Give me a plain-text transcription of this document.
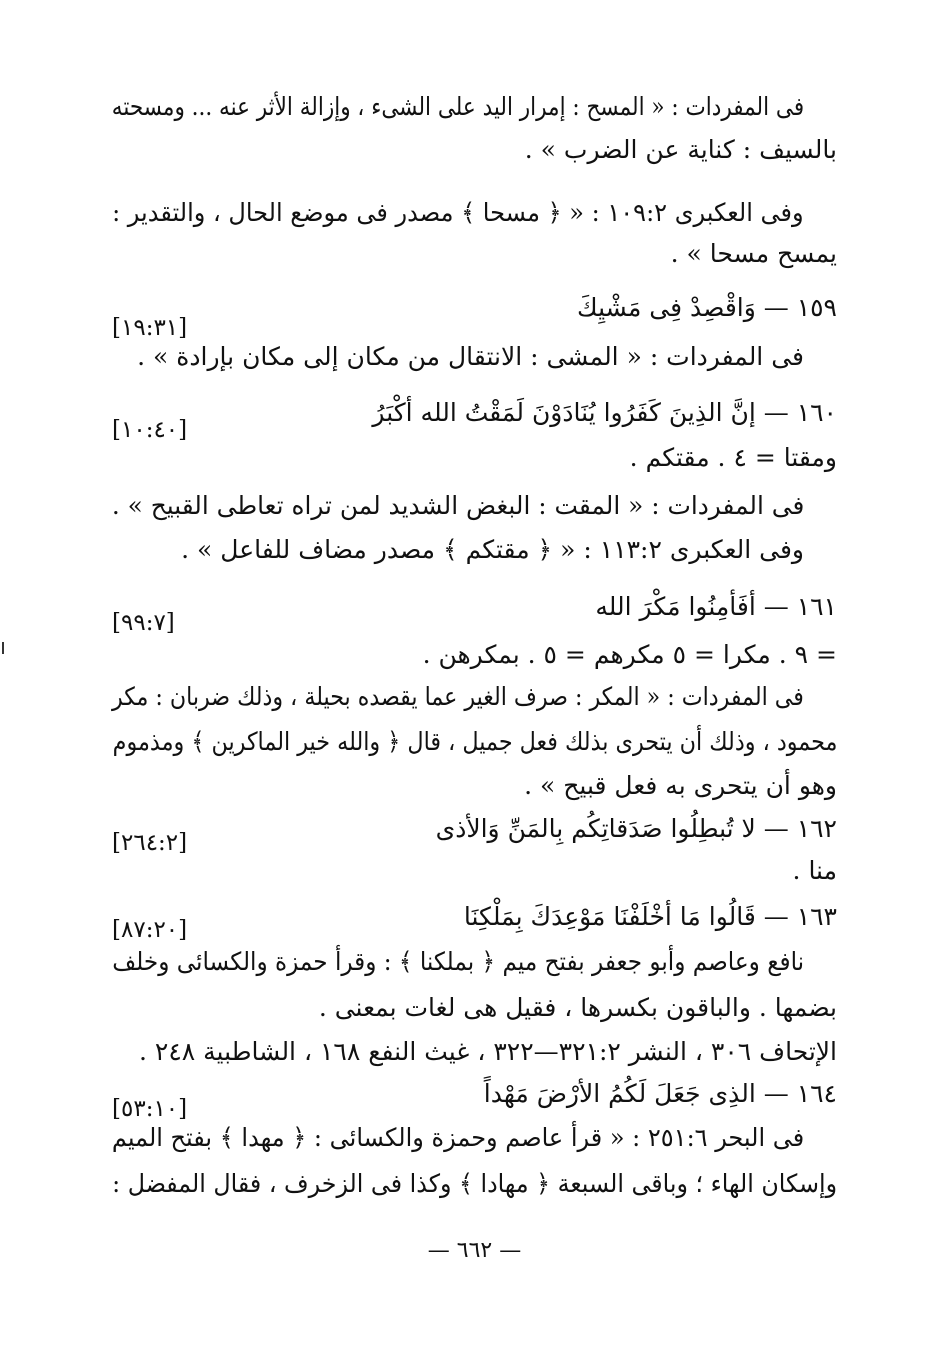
فى المفردات : « المسح : إمرار اليد على الشىء ، وإزالة الأثر عنه ... ومسحته
بالسيف : كناية عن الضرب » .
وفى العكبرى ١٠٩:٢ : « ﴿ مسحا ﴾ مصدر فى موضع الحال ، والتقدير :
يمسح مسحا » .
١٥٩ — وَاقْصِدْ فِى مَشْيِكَ
فى المفردات : « المشى : الانتقال من مكان إلى مكان بإرادة » .
١٦٠ — إنَّ الذِينَ كَفَرُوا يُنَادَوْنَ لَمَقْتُ الله أكْبَرُ
ومقتا = ٤ . مقتكم .
فى المفردات : « المقت : البغض الشديد لمن تراه تعاطى القبيح » .
وفى العكبرى ١١٣:٢ : « ﴿ مقتكم ﴾ مصدر مضاف للفاعل » .
١٦١ — أفَأمِنُوا مَكْرَ الله
= ٩ . مكرا = ٥ مكرهم = ٥ . بمكرهن .
فى المفردات : « المكر : صرف الغير عما يقصده بحيلة ، وذلك ضربان : مكر
محمود ، وذلك أن يتحرى بذلك فعل جميل ، قال ﴿ والله خير الماكرين ﴾ ومذموم
وهو أن يتحرى به فعل قبيح » .
١٦٢ — لا تُبطِلُوا صَدَقاتِكُم بِالمَنِّ وَالأذى
منا .
١٦٣ — قَالُوا مَا أخْلَفْنَا مَوْعِدَكَ بِمَلْكِنَا
نافع وعاصم وأبو جعفر بفتح ميم ﴿ بملكنا ﴾ : وقرأ حمزة والكسائى وخلف
بضمها . والباقون بكسرها ، فقيل هى لغات بمعنى .
الإتحاف ٣٠٦ ، النشر ٣٢١:٢—٣٢٢ ، غيث النفع ١٦٨ ، الشاطبية ٢٤٨ .
١٦٤ — الذِى جَعَلَ لَكُمُ الأرْضَ مَهْداً
فى البحر ٢٥١:٦ : « قرأ عاصم وحمزة والكسائى : ﴿ مهدا ﴾ بفتح الميم
وإسكان الهاء ؛ وباقى السبعة ﴿ مهادا ﴾ وكذا فى الزخرف ، فقال المفضل :
[١٩:٣١]
[١٠:٤٠]
[٩٩:٧]
[٢٦٤:٢]
[٨٧:٢٠]
[٥٣:١٠]
— ٦٦٢ —
